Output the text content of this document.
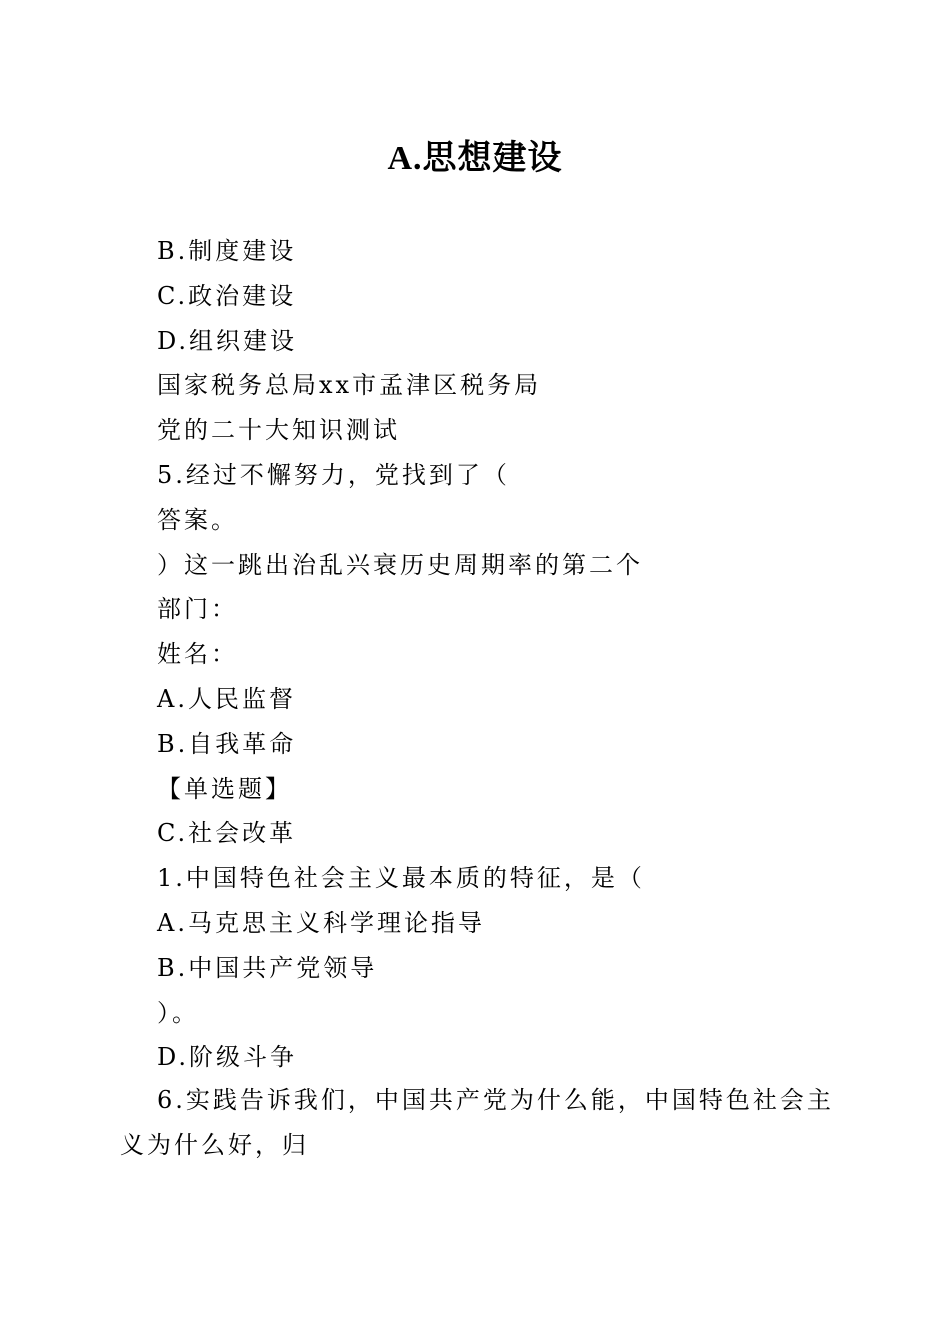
A.思想建设
B.制度建设
C.政治建设
D.组织建设
国家税务总局xx市孟津区税务局
党的二十大知识测试
5.经过不懈努力，党找到了（
答案。
）这一跳出治乱兴衰历史周期率的第二个
部门：
姓名：
A.人民监督
B.自我革命
【单选题】
C.社会改革
1.中国特色社会主义最本质的特征，是（
A.马克思主义科学理论指导
B.中国共产党领导
）。
D.阶级斗争

6.实践告诉我们，中国共产党为什么能，中国特色社会主义为什么好，归
